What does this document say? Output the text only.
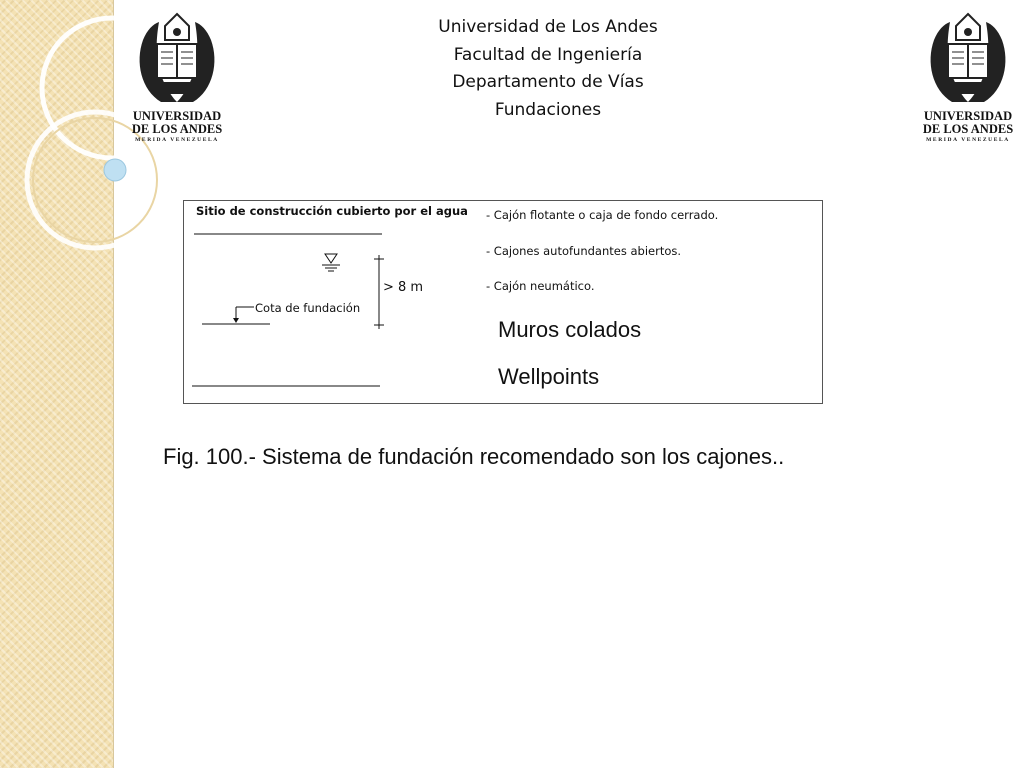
UNIVERSIDAD
DE LOS ANDES
MERIDA VENEZUELA
UNIVERSIDAD
DE LOS ANDES
MERIDA VENEZUELA
Universidad de Los Andes
Facultad de Ingeniería
Departamento de Vías
Fundaciones
Sitio de construcción cubierto por el agua - Cajón flotante o caja de fondo cerrado.
- Cajones autofundantes abiertos.
- Cajón neumático.
> 8 m
Cota de fundación
Muros colados
Wellpoints
Fig. 100.- Sistema de fundación recomendado son los cajones..
